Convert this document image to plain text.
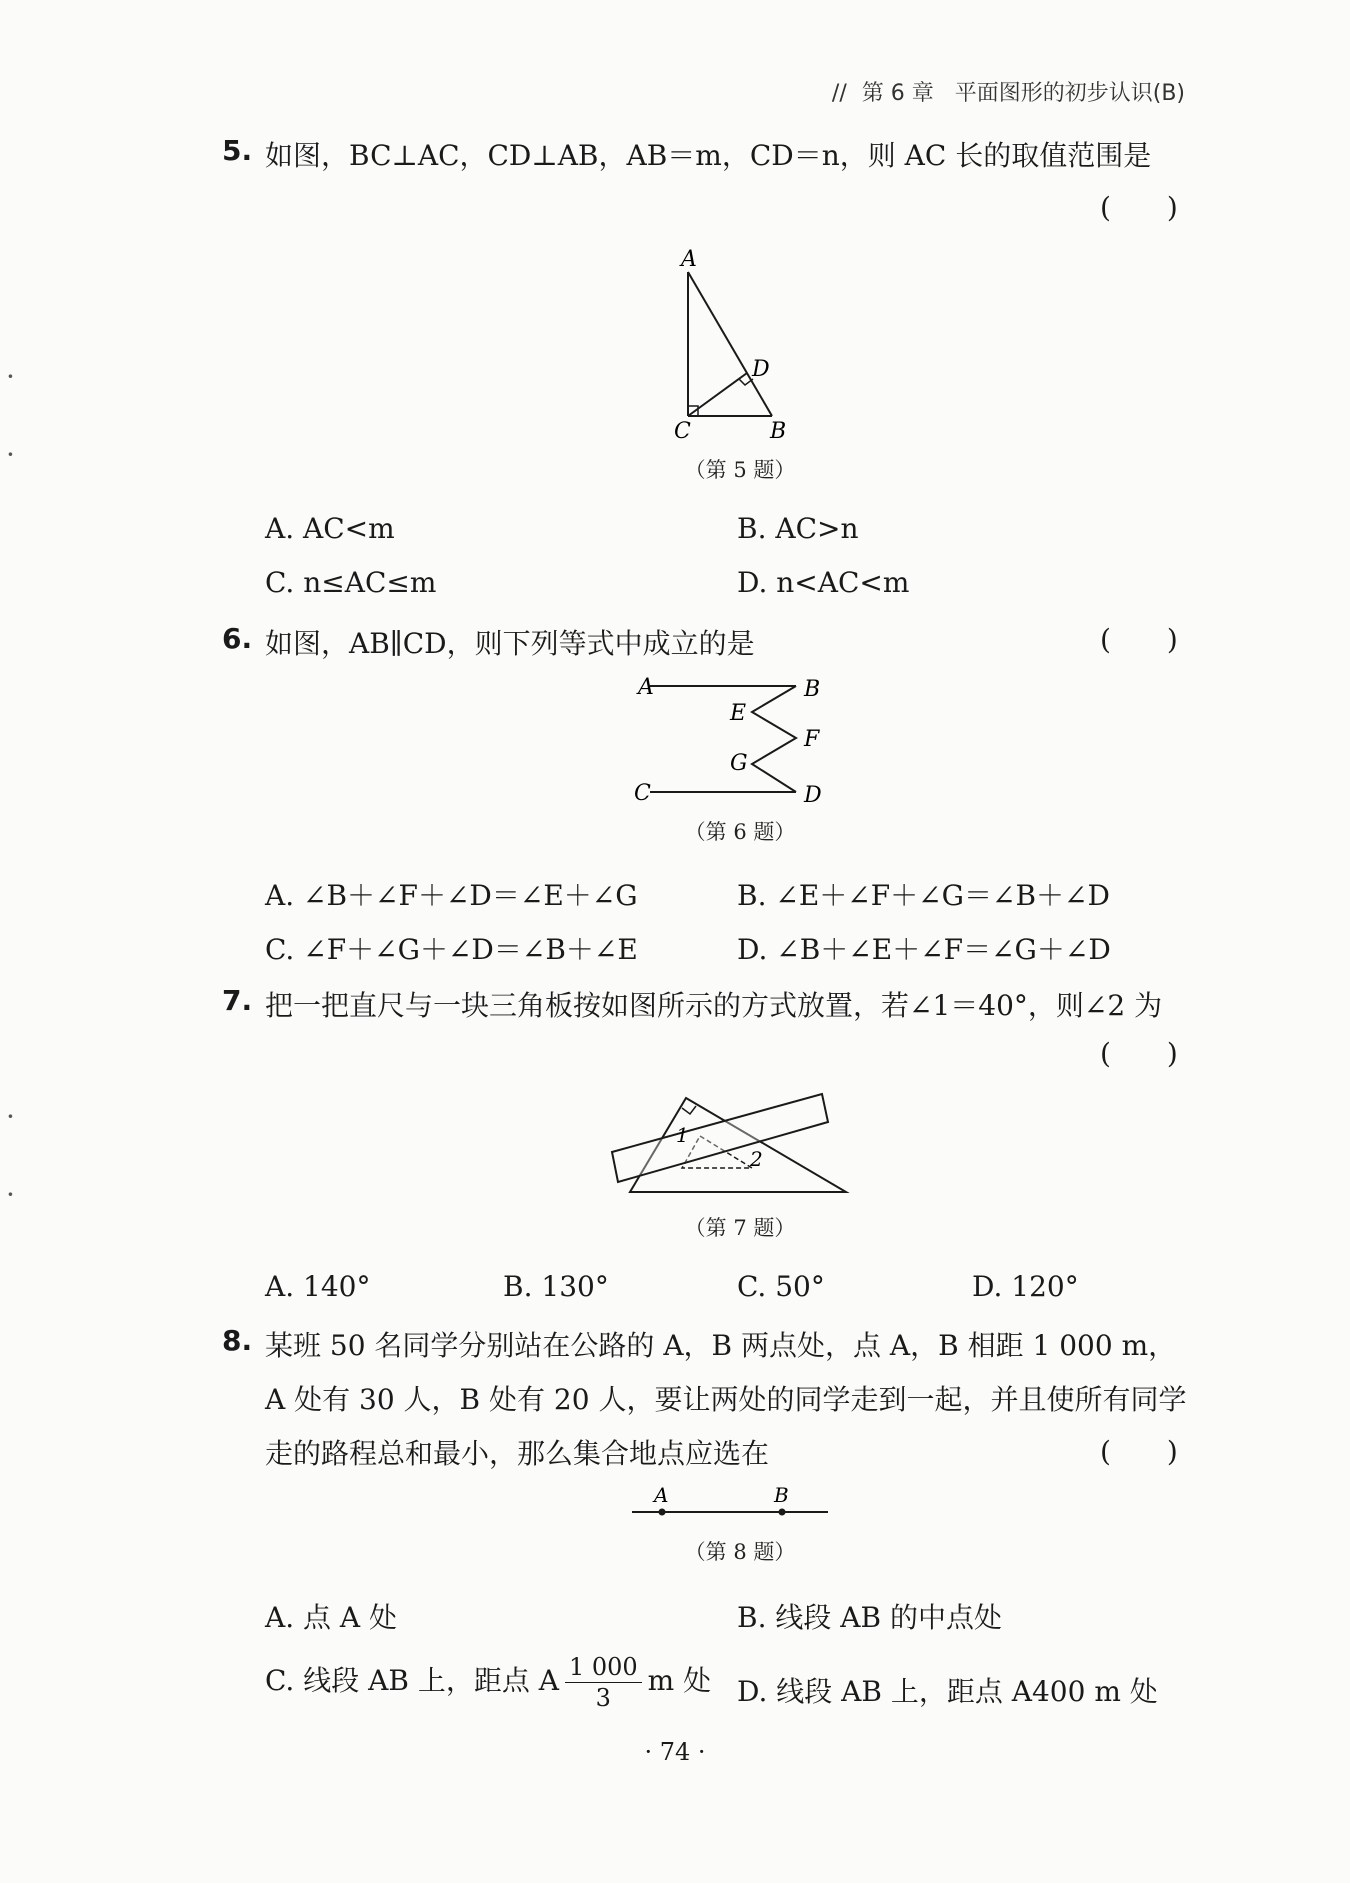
// 第 6 章 平面图形的初步认识(B)
·
·
·
·
5. 如图，BC⊥AC，CD⊥AB，AB＝m，CD＝n，则 AC 长的取值范围是
(　　)
A
D
C	B
（第 5 题）
A. AC<m	B. AC>n
C. n≤AC≤m	D. n<AC<m
6. 如图，AB∥CD，则下列等式中成立的是	(　　)
A	B
E
F
G
C	D
（第 6 题）
A. ∠B＋∠F＋∠D＝∠E＋∠G	B. ∠E＋∠F＋∠G＝∠B＋∠D
C. ∠F＋∠G＋∠D＝∠B＋∠E	D. ∠B＋∠E＋∠F＝∠G＋∠D
7. 把一把直尺与一块三角板按如图所示的方式放置，若∠1＝40°，则∠2 为
(　　)
1
2
（第 7 题）
A. 140°	B. 130°	C. 50°	D. 120°
8. 某班 50 名同学分别站在公路的 A，B 两点处，点 A，B 相距 1 000 m，
A 处有 30 人，B 处有 20 人，要让两处的同学走到一起，并且使所有同学
走的路程总和最小，那么集合地点应选在	(　　)
A	B
（第 8 题）
A. 点 A 处	B. 线段 AB 的中点处
C. 线段 AB 上，距点 A $\frac{1 000}{3}$ m 处 D. 线段 AB 上，距点 A400 m 处
· 74 ·
